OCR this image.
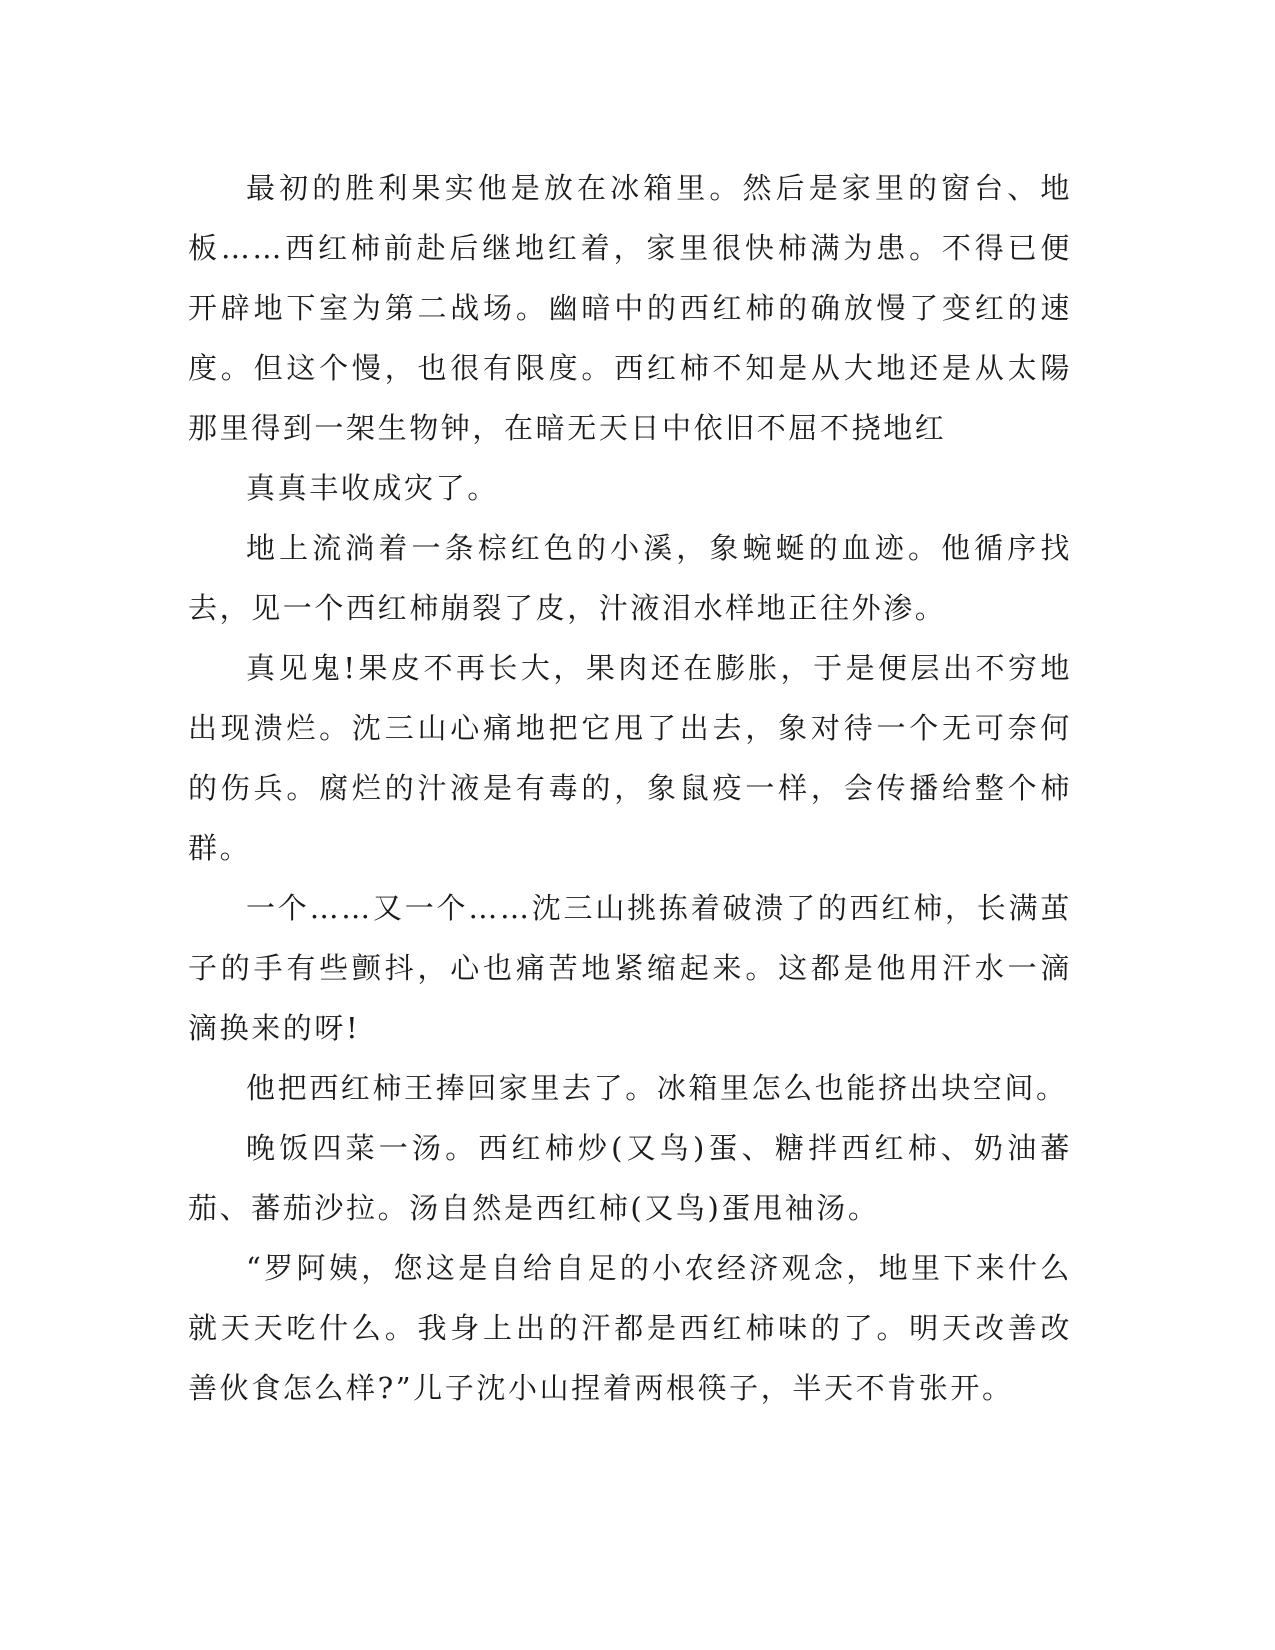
最初的胜利果实他是放在冰箱里。然后是家里的窗台、地板……西红柿前赴后继地红着，家里很快柿满为患。不得已便开辟地下室为第二战场。幽暗中的西红柿的确放慢了变红的速度。但这个慢，也很有限度。西红柿不知是从大地还是从太陽那里得到一架生物钟，在暗无天日中依旧不屈不挠地红

真真丰收成灾了。

地上流淌着一条棕红色的小溪，象蜿蜒的血迹。他循序找去，见一个西红柿崩裂了皮，汁液泪水样地正往外渗。

真见鬼!果皮不再长大，果肉还在膨胀，于是便层出不穷地出现溃烂。沈三山心痛地把它甩了出去，象对待一个无可奈何的伤兵。腐烂的汁液是有毒的，象鼠疫一样，会传播给整个柿群。

一个……又一个……沈三山挑拣着破溃了的西红柿，长满茧子的手有些颤抖，心也痛苦地紧缩起来。这都是他用汗水一滴滴换来的呀!

他把西红柿王捧回家里去了。冰箱里怎么也能挤出块空间。

晚饭四菜一汤。西红柿炒(又鸟)蛋、糖拌西红柿、奶油蕃茄、蕃茄沙拉。汤自然是西红柿(又鸟)蛋甩袖汤。

“罗阿姨，您这是自给自足的小农经济观念，地里下来什么就天天吃什么。我身上出的汗都是西红柿味的了。明天改善改善伙食怎么样?”儿子沈小山捏着两根筷子，半天不肯张开。
